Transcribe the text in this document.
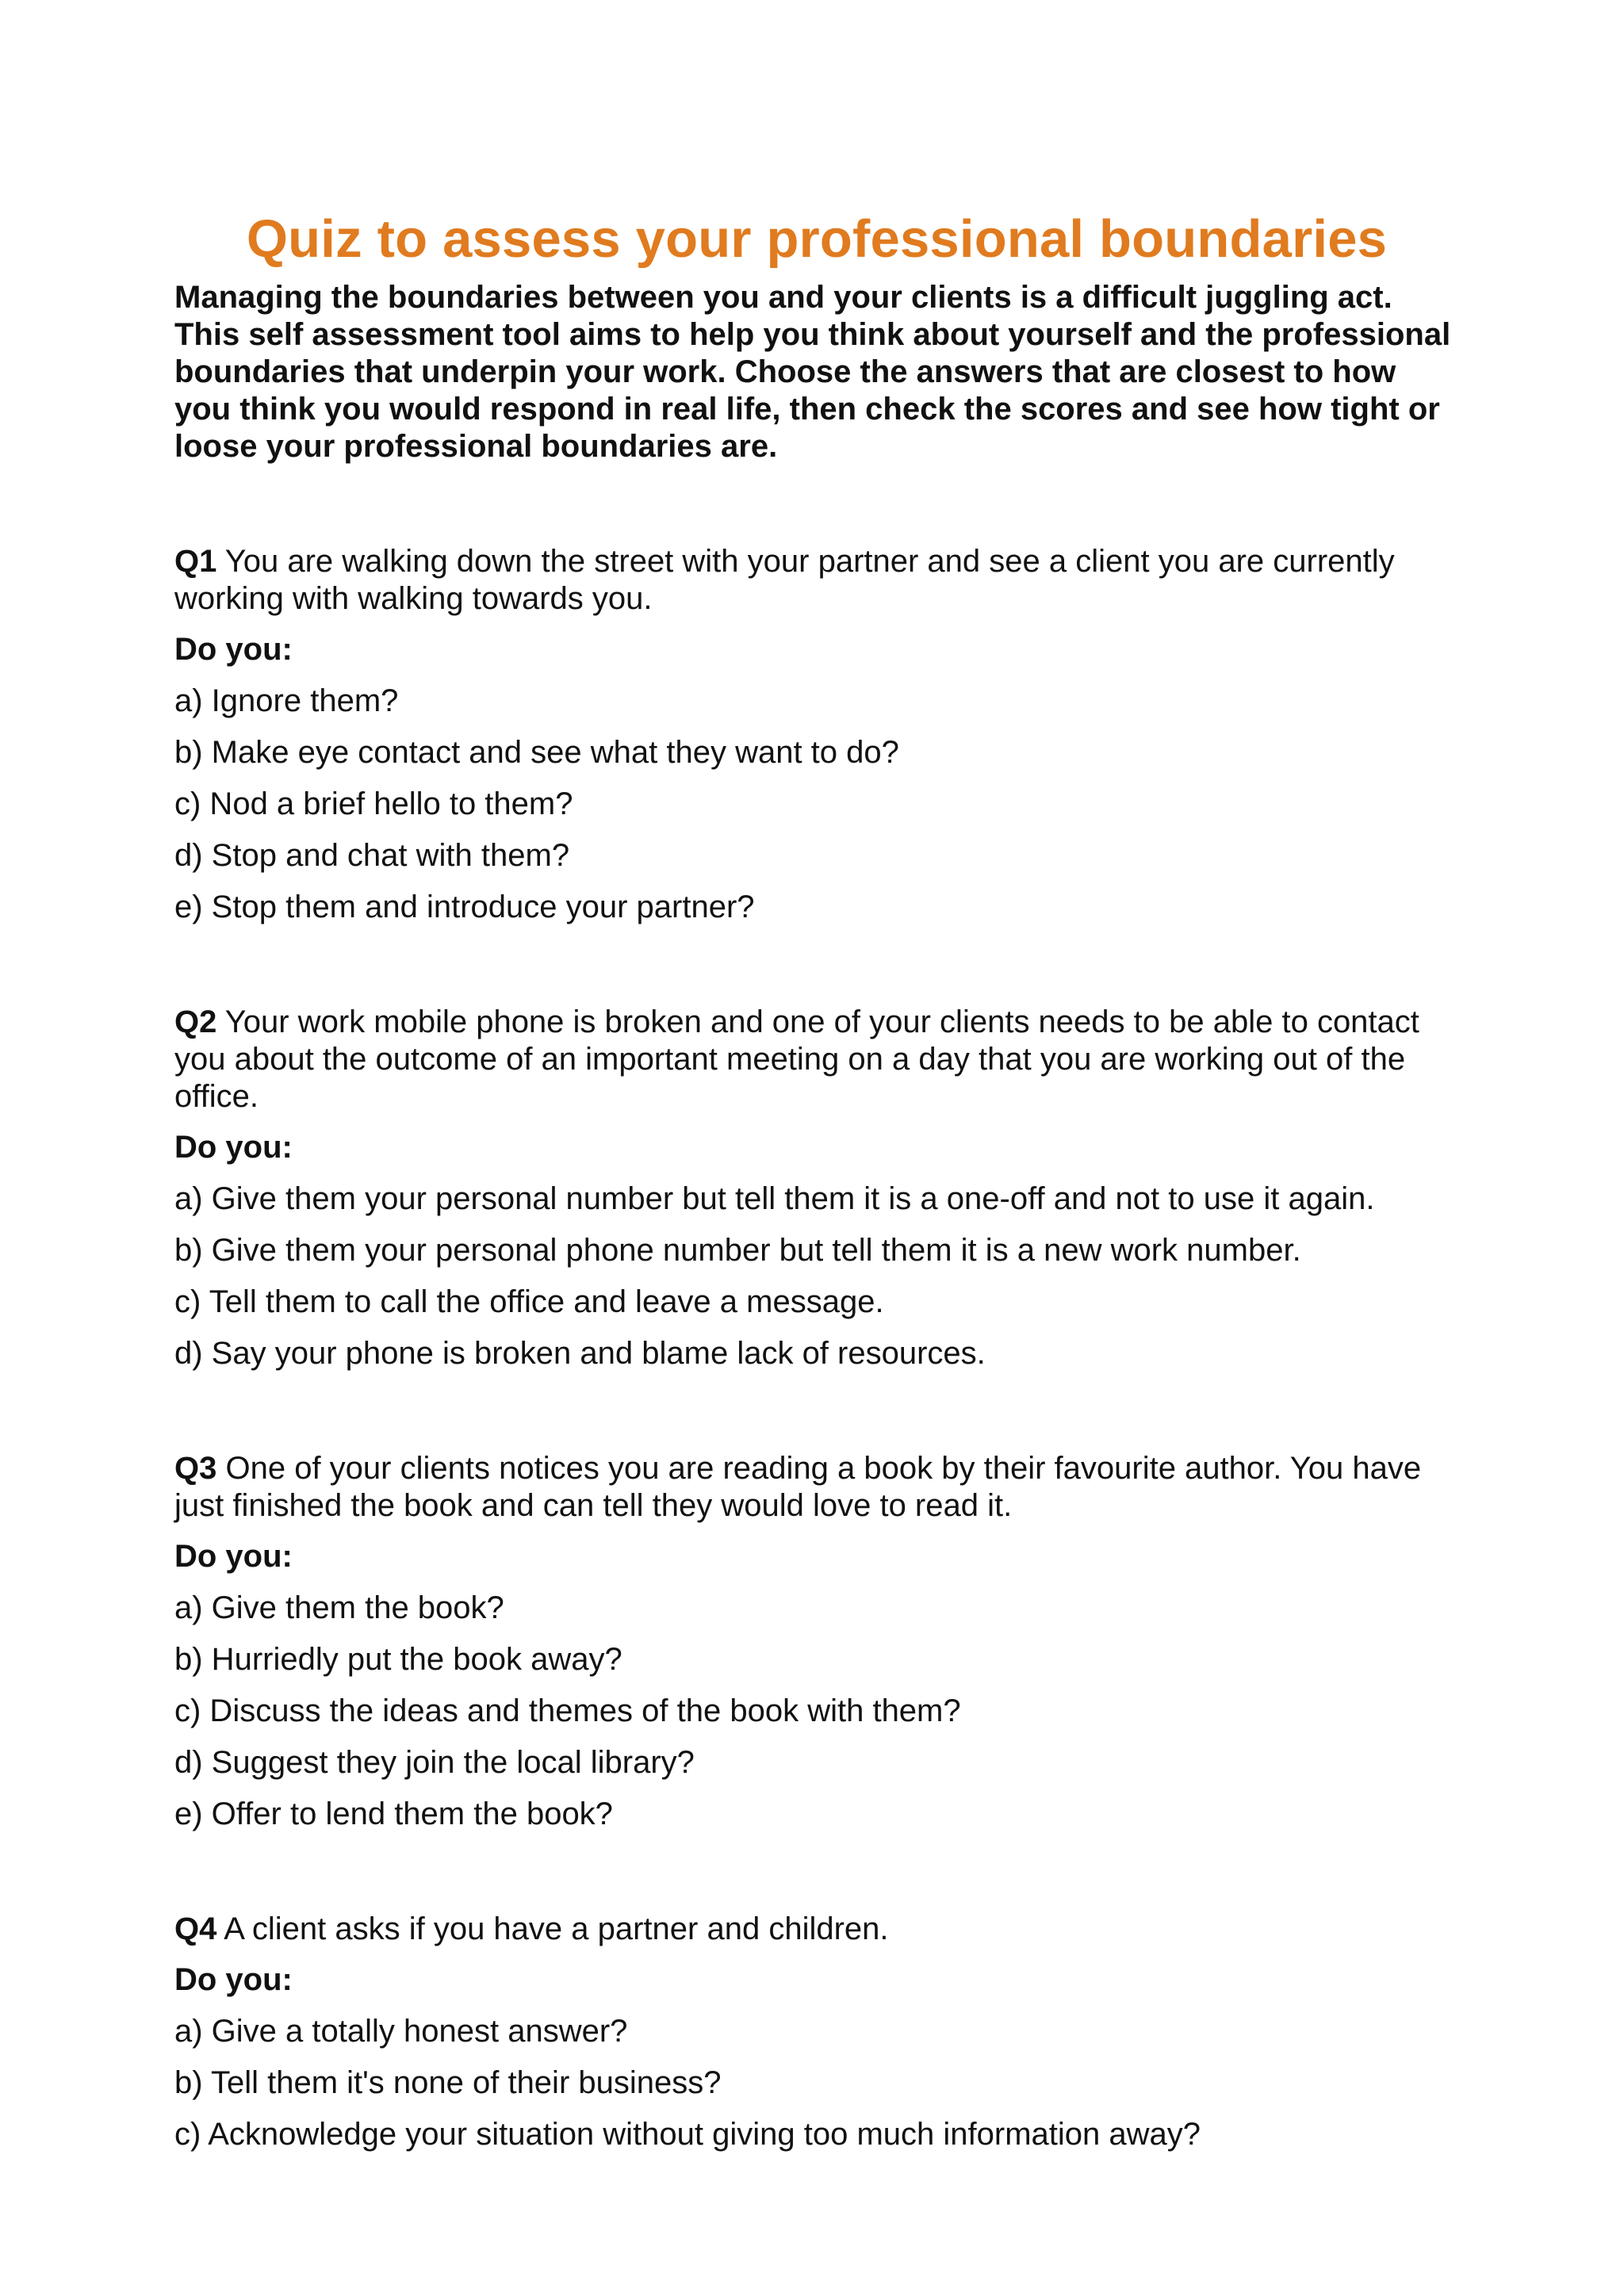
Quiz to assess your professional boundaries

Managing the boundaries between you and your clients is a difficult juggling act. This self assessment tool aims to help you think about yourself and the professional boundaries that underpin your work. Choose the answers that are closest to how you think you would respond in real life, then check the scores and see how tight or loose your professional boundaries are.

Q1 You are walking down the street with your partner and see a client you are currently working with walking towards you.

Do you:

a) Ignore them?
b) Make eye contact and see what they want to do?
c) Nod a brief hello to them?
d) Stop and chat with them?
e) Stop them and introduce your partner?

Q2 Your work mobile phone is broken and one of your clients needs to be able to contact you about the outcome of an important meeting on a day that you are working out of the office.

Do you:

a) Give them your personal number but tell them it is a one-off and not to use it again.
b) Give them your personal phone number but tell them it is a new work number.
c) Tell them to call the office and leave a message.
d) Say your phone is broken and blame lack of resources.

Q3 One of your clients notices you are reading a book by their favourite author. You have just finished the book and can tell they would love to read it.

Do you:

a) Give them the book?
b) Hurriedly put the book away?
c) Discuss the ideas and themes of the book with them?
d) Suggest they join the local library?
e) Offer to lend them the book?

Q4 A client asks if you have a partner and children.

Do you:

a) Give a totally honest answer?
b) Tell them it's none of their business?
c) Acknowledge your situation without giving too much information away?
